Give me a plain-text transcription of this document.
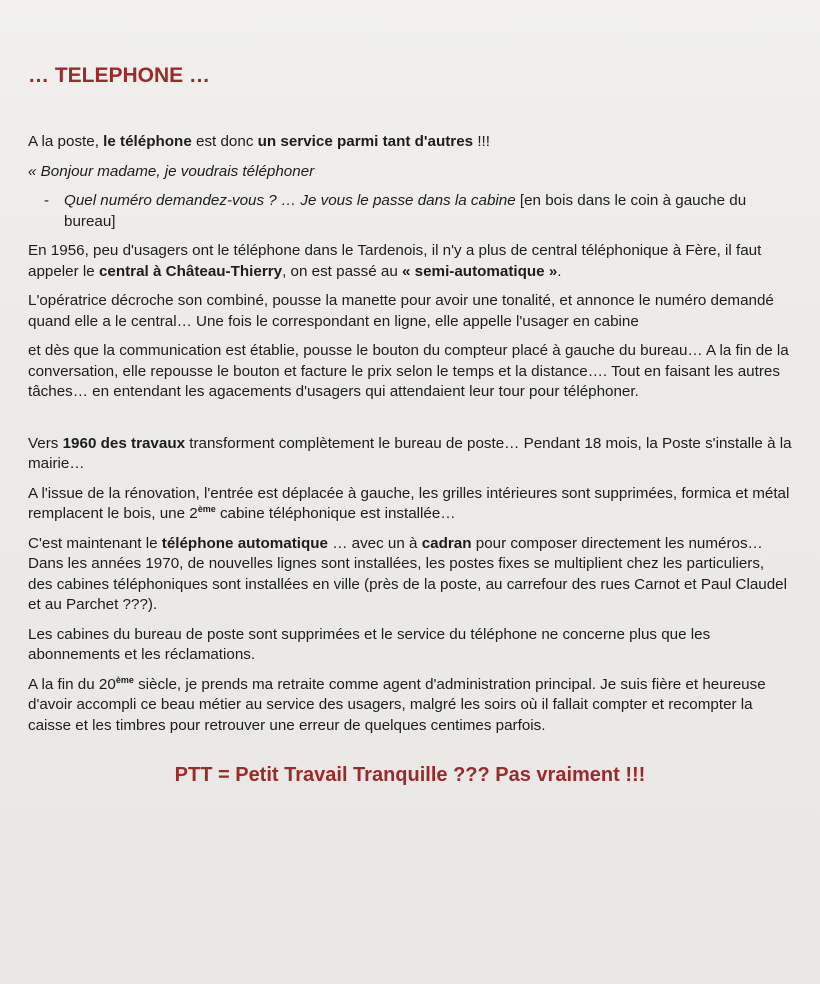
… TELEPHONE …

A la poste, le téléphone est donc un service parmi tant d'autres !!!

« Bonjour madame, je voudrais téléphoner

- Quel numéro demandez-vous ? … Je vous le passe dans la cabine [en bois dans le coin à gauche du bureau]

En 1956, peu d'usagers ont le téléphone dans le Tardenois, il n'y a plus de central téléphonique à Fère, il faut appeler le central à Château-Thierry, on est passé au « semi-automatique ».

L'opératrice décroche son combiné, pousse la manette pour avoir une tonalité, et annonce le numéro demandé quand elle a le central… Une fois le correspondant en ligne, elle appelle l'usager en cabine

et dès que la communication est établie, pousse le bouton du compteur placé à gauche du bureau… A la fin de la conversation, elle repousse le bouton et facture le prix selon le temps et la distance…. Tout en faisant les autres tâches… en entendant les agacements d'usagers qui attendaient leur tour pour téléphoner.

Vers 1960 des travaux transforment complètement le bureau de poste… Pendant 18 mois, la Poste s'installe à la mairie…

A l'issue de la rénovation, l'entrée est déplacée à gauche, les grilles intérieures sont supprimées, formica et métal remplacent le bois, une 2ème cabine téléphonique est installée…

C'est maintenant le téléphone automatique … avec un à cadran pour composer directement les numéros… Dans les années 1970, de nouvelles lignes sont installées, les postes fixes se multiplient chez les particuliers, des cabines téléphoniques sont installées en ville (près de la poste, au carrefour des rues Carnot et Paul Claudel et au Parchet ???).

Les cabines du bureau de poste sont supprimées et le service du téléphone ne concerne plus que les abonnements et les réclamations.

A la fin du 20ème siècle, je prends ma retraite comme agent d'administration principal. Je suis fière et heureuse d'avoir accompli ce beau métier au service des usagers, malgré les soirs où il fallait compter et recompter la caisse et les timbres pour retrouver une erreur de quelques centimes parfois.

PTT = Petit Travail Tranquille ??? Pas vraiment !!!
